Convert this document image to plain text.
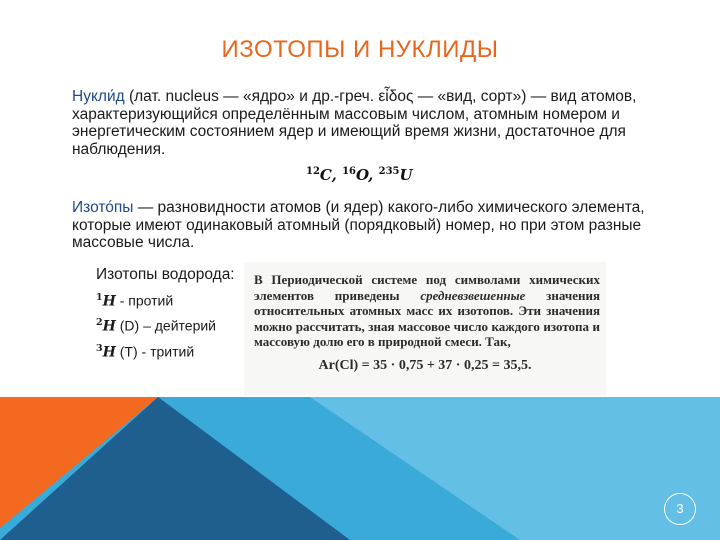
ИЗОТОПЫ И НУКЛИДЫ
Нукли́д (лат. nucleus — «ядро» и др.-греч. εἶδος — «вид, сорт») — вид атомов, характеризующийся определённым массовым числом, атомным номером и энергетическим состоянием ядер и имеющий время жизни, достаточное для наблюдения.
$^{12}$C, $^{16}$O, $^{235}$U
Изото́пы — разновидности атомов (и ядер) какого-либо химического элемента, которые имеют одинаковый атомный (порядковый) номер, но при этом разные массовые числа.
Изотопы водорода:
$^1$H - протий
$^2$H (D) – дейтерий
$^3$H (T) - тритий
В Периодической системе под символами химических элементов приведены средневзвешенные значения относительных атомных масс их изотопов. Эти значения можно рассчитать, зная массовое число каждого изотопа и массовую долю его в природной смеси. Так,
Ar(Cl) = 35 · 0,75 + 37 · 0,25 = 35,5.
3
